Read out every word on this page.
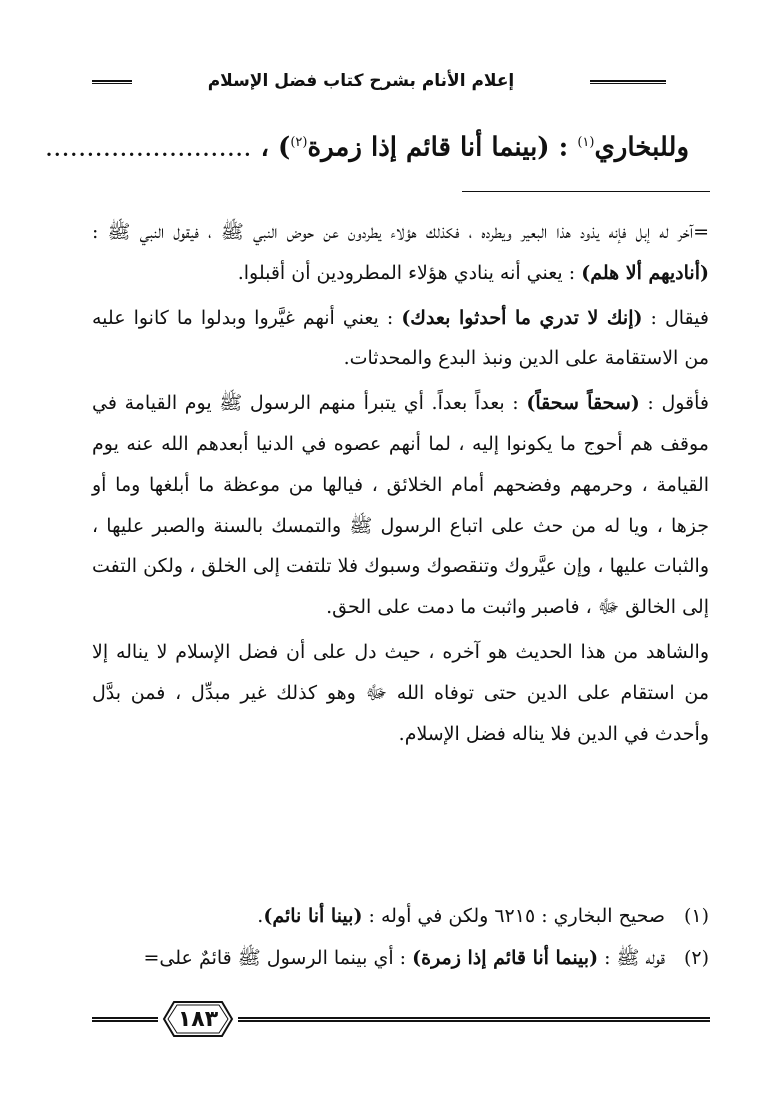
إعلام الأنام بشرح كتاب فضل الإسلام
وللبخاري$^{(١)}$ : (بينما أنا قائم إذا زمرة$^{(٢)}$) ، .........................

=آخر له إبل فإنه يذود هذا البعير ويطرده ، فكذلك هؤلاء يطردون عن حوض النبي ﷺ ، فيقول النبي ﷺ : (أناديهم ألا هلم) : يعني أنه ينادي هؤلاء المطرودين أن أقبلوا.

فيقال : (إنك لا تدري ما أحدثوا بعدك) : يعني أنهم غيَّروا وبدلوا ما كانوا عليه من الاستقامة على الدين ونبذ البدع والمحدثات.

فأقول : (سحقاً سحقاً) : بعداً بعداً. أي يتبرأ منهم الرسول ﷺ يوم القيامة في موقف هم أحوج ما يكونوا إليه ، لما أنهم عصوه في الدنيا أبعدهم الله عنه يوم القيامة ، وحرمهم وفضحهم أمام الخلائق ، فيالها من موعظة ما أبلغها وما أو جزها ، ويا له من حث على اتباع الرسول ﷺ والتمسك بالسنة والصبر عليها ، والثبات عليها ، وإن عيَّروك وتنقصوك وسبوك فلا تلتفت إلى الخلق ، ولكن التفت إلى الخالق ﷻ ، فاصبر واثبت ما دمت على الحق.

والشاهد من هذا الحديث هو آخره ، حيث دل على أن فضل الإسلام لا يناله إلا من استقام على الدين حتى توفاه الله ﷻ وهو كذلك غير مبدِّل ، فمن بدَّل وأحدث في الدين فلا يناله فضل الإسلام.

(١)صحيح البخاري : ٦٢١٥ ولكن في أوله : (بينا أنا نائم).
(٢)قوله ﷺ : (بينما أنا قائم إذا زمرة) : أي بينما الرسول ﷺ قائمٌ على=
١٨٣
